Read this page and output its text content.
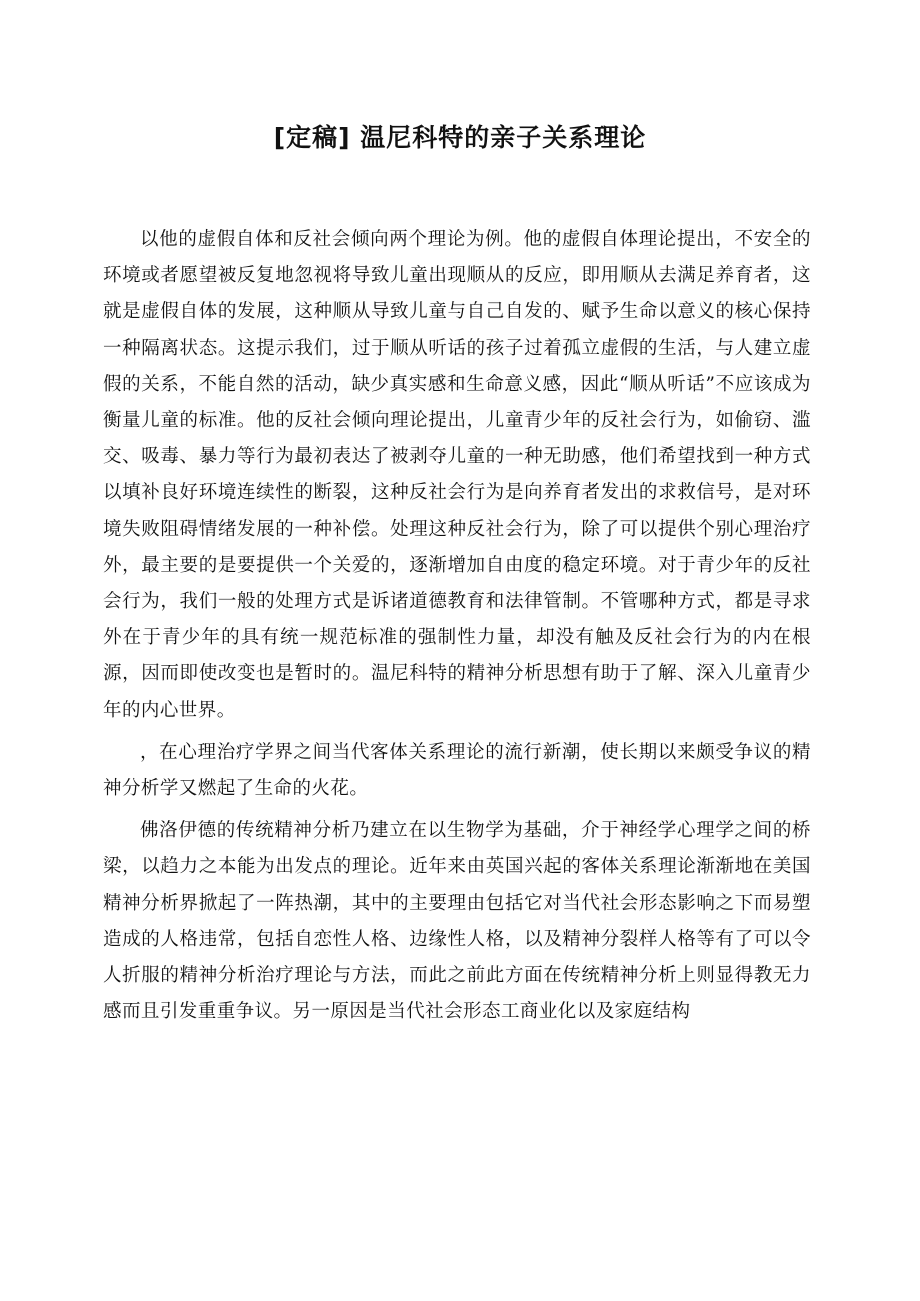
[定稿] 温尼科特的亲子关系理论

以他的虚假自体和反社会倾向两个理论为例。他的虚假自体理论提出，不安全的环境或者愿望被反复地忽视将导致儿童出现顺从的反应，即用顺从去满足养育者，这就是虚假自体的发展，这种顺从导致儿童与自己自发的、赋予生命以意义的核心保持一种隔离状态。这提示我们，过于顺从听话的孩子过着孤立虚假的生活，与人建立虚假的关系，不能自然的活动，缺少真实感和生命意义感，因此“顺从听话”不应该成为衡量儿童的标准。他的反社会倾向理论提出，儿童青少年的反社会行为，如偷窃、滥交、吸毒、暴力等行为最初表达了被剥夺儿童的一种无助感，他们希望找到一种方式以填补良好环境连续性的断裂，这种反社会行为是向养育者发出的求救信号，是对环境失败阻碍情绪发展的一种补偿。处理这种反社会行为，除了可以提供个别心理治疗外，最主要的是要提供一个关爱的，逐渐增加自由度的稳定环境。对于青少年的反社会行为，我们一般的处理方式是诉诸道德教育和法律管制。不管哪种方式，都是寻求外在于青少年的具有统一规范标准的强制性力量，却没有触及反社会行为的内在根源，因而即使改变也是暂时的。温尼科特的精神分析思想有助于了解、深入儿童青少年的内心世界。

，在心理治疗学界之间当代客体关系理论的流行新潮，使长期以来颇受争议的精神分析学又燃起了生命的火花。

佛洛伊德的传统精神分析乃建立在以生物学为基础，介于神经学心理学之间的桥梁，以趋力之本能为出发点的理论。近年来由英国兴起的客体关系理论渐渐地在美国精神分析界掀起了一阵热潮，其中的主要理由包括它对当代社会形态影响之下而易塑造成的人格违常，包括自恋性人格、边缘性人格，以及精神分裂样人格等有了可以令人折服的精神分析治疗理论与方法，而此之前此方面在传统精神分析上则显得教无力感而且引发重重争议。另一原因是当代社会形态工商业化以及家庭结构
